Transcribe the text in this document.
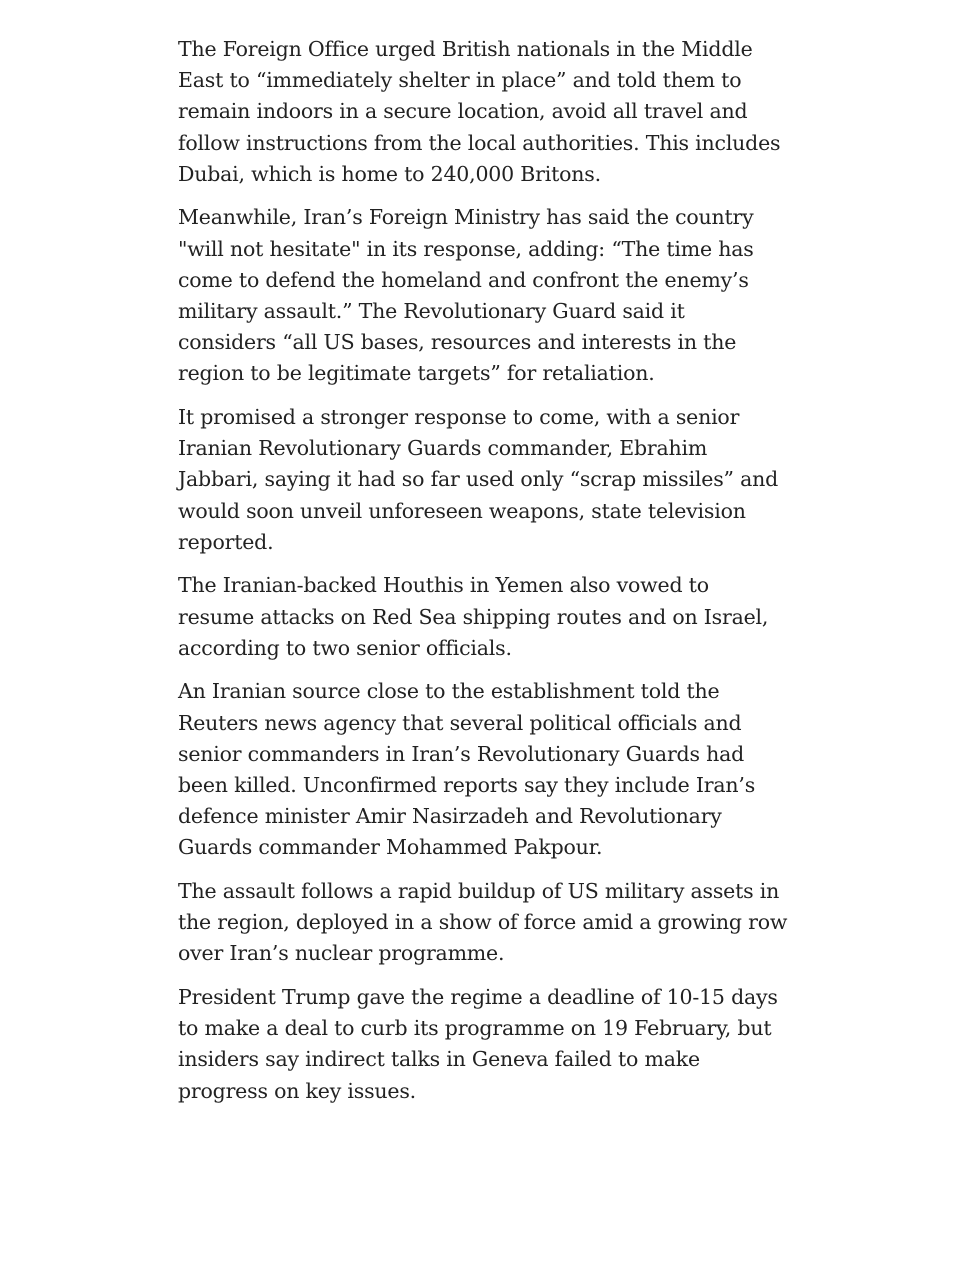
The Foreign Office urged British nationals in the Middle East to “immediately shelter in place” and told them to remain indoors in a secure location, avoid all travel and follow instructions from the local authorities. This includes Dubai, which is home to 240,000 Britons.

Meanwhile, Iran’s Foreign Ministry has said the country "will not hesitate" in its response, adding: “The time has come to defend the homeland and confront the enemy’s military assault.” The Revolutionary Guard said it considers “all US bases, resources and interests in the region to be legitimate targets” for retaliation.

It promised a stronger response to come, with a senior Iranian Revolutionary Guards commander, Ebrahim Jabbari, saying it had so far used only “scrap missiles” and would soon unveil unforeseen weapons, state television reported.

The Iranian-backed Houthis in Yemen also vowed to resume attacks on Red Sea shipping routes and on Israel, according to two senior officials.

An Iranian source close to the establishment told the Reuters news agency that several political officials and senior commanders in Iran’s Revolutionary Guards had been killed. Unconfirmed reports say they include Iran’s defence minister Amir Nasirzadeh and Revolutionary Guards commander Mohammed Pakpour.

The assault follows a rapid buildup of US military assets in the region, deployed in a show of force amid a growing row over Iran’s nuclear programme.

President Trump gave the regime a deadline of 10-15 days to make a deal to curb its programme on 19 February, but insiders say indirect talks in Geneva failed to make progress on key issues.
